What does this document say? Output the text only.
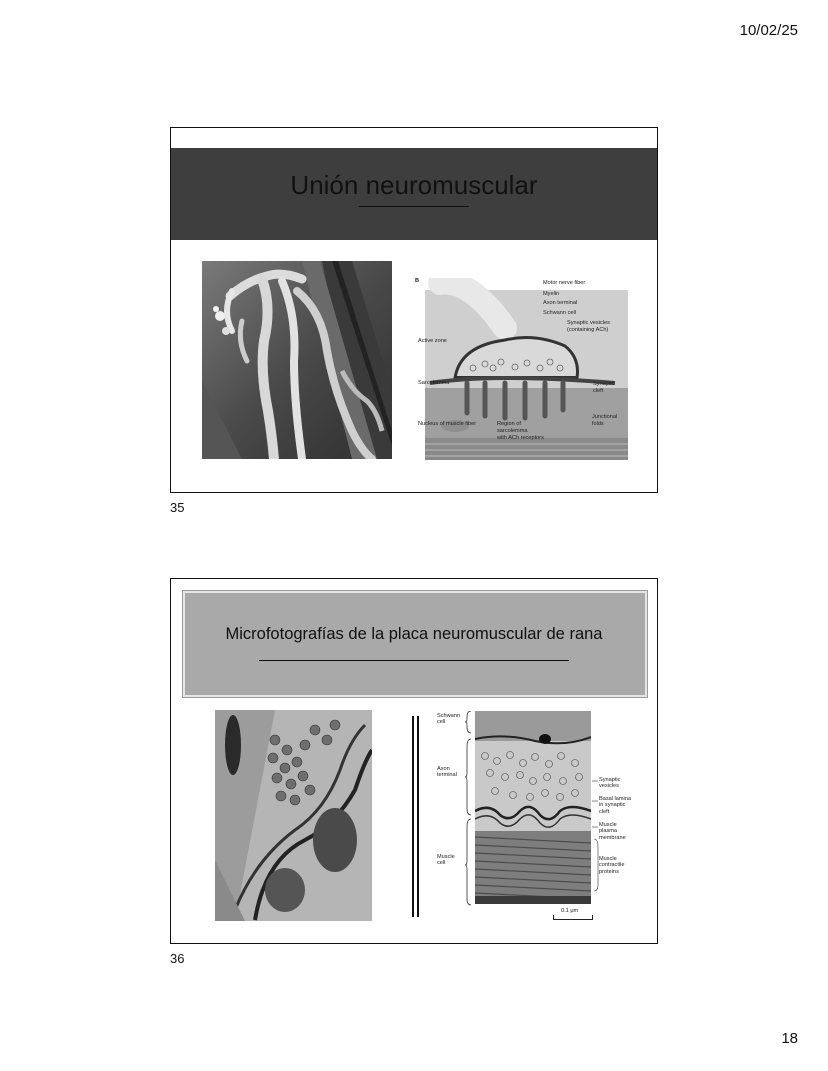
10/02/25
Unión neuromuscular
B	Motor nerve fiber
Myelin
Axon terminal
Schwann cell
Synaptic vesicles
(containing ACh)
Active zone
Sarcolemma	Synaptic
cleft
Junctional
folds
Nucleus of muscle fiber	Region of
sarcolemma
with ACh receptors
35
Microfotografías de la placa neuromuscular de rana
Schwann
cell
Axon
terminal
Muscle
cell
Synaptic
vesicles
Basal lamina
in synaptic
cleft
Muscle
plasma
membrane
Muscle
contractile
proteins
0.1 μm
36
18
